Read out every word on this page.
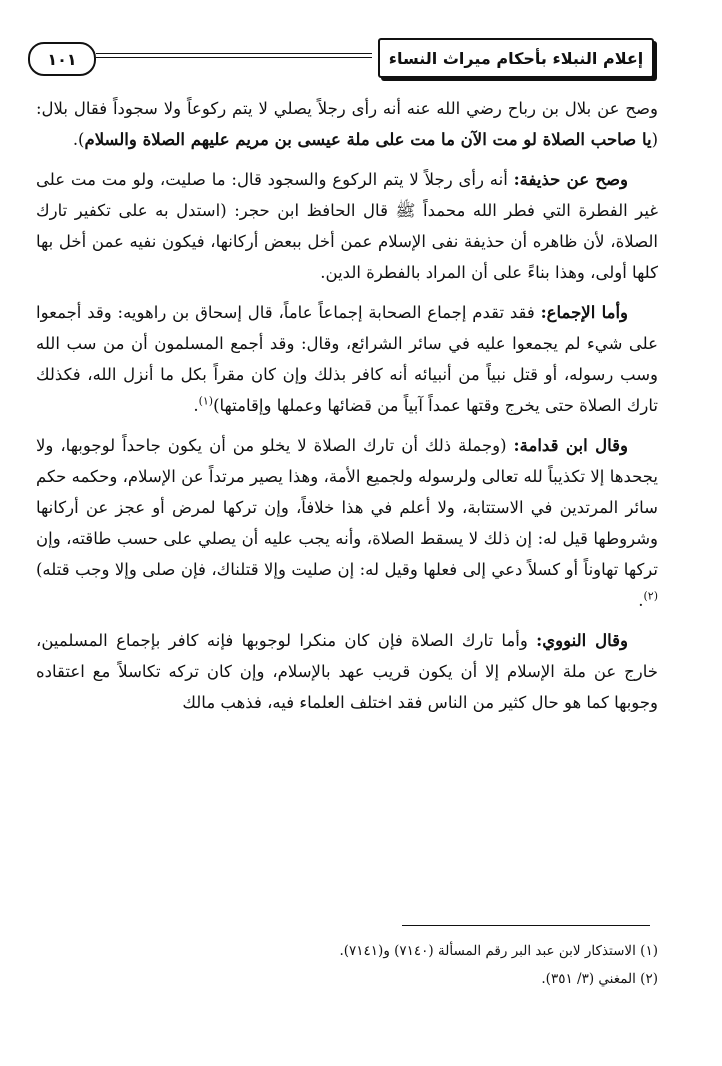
١٠١	إعلام النبلاء بأحكام ميراث النساء

وصح عن بلال بن رباح رضي الله عنه أنه رأى رجلاً يصلي لا يتم ركوعاً ولا سجوداً فقال بلال: (يا صاحب الصلاة لو مت الآن ما مت على ملة عيسى بن مريم عليهم الصلاة والسلام).

وصح عن حذيفة: أنه رأى رجلاً لا يتم الركوع والسجود قال: ما صليت، ولو مت مت على غير الفطرة التي فطر الله محمداً ﷺ قال الحافظ ابن حجر: (استدل به على تكفير تارك الصلاة، لأن ظاهره أن حذيفة نفى الإسلام عمن أخل ببعض أركانها، فيكون نفيه عمن أخل بها كلها أولى، وهذا بناءً على أن المراد بالفطرة الدين.

وأما الإجماع: فقد تقدم إجماع الصحابة إجماعاً عاماً، قال إسحاق بن راهويه: وقد أجمعوا على شيء لم يجمعوا عليه في سائر الشرائع، وقال: وقد أجمع المسلمون أن من سب الله وسب رسوله، أو قتل نبياً من أنبيائه أنه كافر بذلك وإن كان مقراً بكل ما أنزل الله، فكذلك تارك الصلاة حتى يخرج وقتها عمداً آبياً من قضائها وعملها وإقامتها)$^{(١)}$.

وقال ابن قدامة: (وجملة ذلك أن تارك الصلاة لا يخلو من أن يكون جاحداً لوجوبها، ولا يجحدها إلا تكذيباً لله تعالى ولرسوله ولجميع الأمة، وهذا يصير مرتداً عن الإسلام، وحكمه حكم سائر المرتدين في الاستتابة، ولا أعلم في هذا خلافاً، وإن تركها لمرض أو عجز عن أركانها وشروطها قيل له: إن ذلك لا يسقط الصلاة، وأنه يجب عليه أن يصلي على حسب طاقته، وإن تركها تهاوناً أو كسلاً دعي إلى فعلها وقيل له: إن صليت وإلا قتلناك، فإن صلى وإلا وجب قتله)$^{(٢)}$.

وقال النووي: وأما تارك الصلاة فإن كان منكرا لوجوبها فإنه كافر بإجماع المسلمين، خارج عن ملة الإسلام إلا أن يكون قريب عهد بالإسلام، وإن كان تركه تكاسلاً مع اعتقاده وجوبها كما هو حال كثير من الناس فقد اختلف العلماء فيه، فذهب مالك

(١) الاستذكار لابن عبد البر رقم المسألة (٧١٤٠) و(٧١٤١).

(٢) المغني (٣/ ٣٥١).
